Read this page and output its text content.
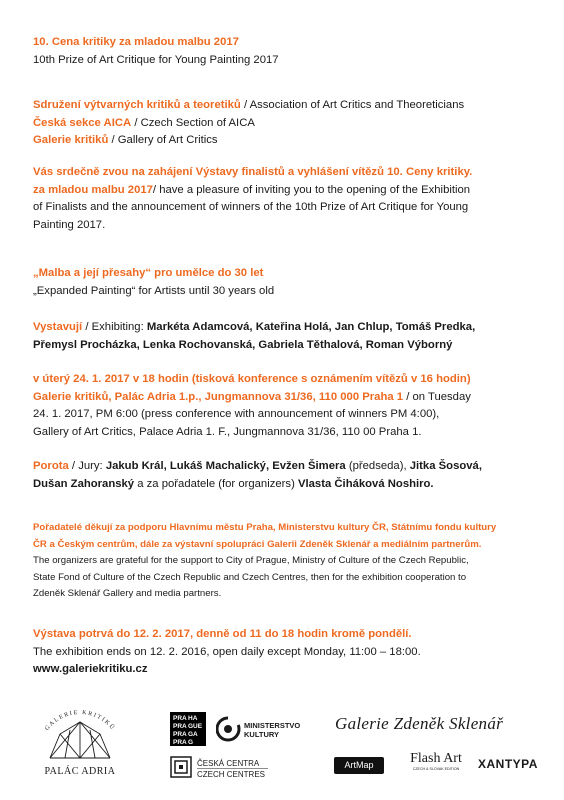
10. Cena kritiky za mladou malbu 2017

10th Prize of Art Critique for Young Painting 2017

Sdružení výtvarných kritiků a teoretiků / Association of Art Critics and Theoreticians

Česká sekce AICA / Czech Section of AICA

Galerie kritiků / Gallery of Art Critics

Vás srdečně zvou na zahájení Výstavy finalistů a vyhlášení vítězů 10. Ceny kritiky.

za mladou malbu 2017/ have a pleasure of inviting you to the opening of the Exhibition

of Finalists and the announcement of winners of the 10th Prize of Art Critique for Young

Painting 2017.

„Malba a její přesahy“ pro umělce do 30 let

„Expanded Painting“ for Artists until 30 years old

Vystavují / Exhibiting: Markéta Adamcová, Kateřina Holá, Jan Chlup, Tomáš Predka,

Přemysl Procházka, Lenka Rochovanská, Gabriela Těthalová, Roman Výborný

v úterý 24. 1. 2017 v 18 hodin (tisková konference s oznámením vítězů v 16 hodin)

Galerie kritiků, Palác Adria 1.p., Jungmannova 31/36, 110 000 Praha 1 / on Tuesday

24. 1. 2017, PM 6:00 (press conference with announcement of winners PM 4:00),

Gallery of Art Critics, Palace Adria 1. F., Jungmannova 31/36, 110 00 Praha 1.

Porota / Jury: Jakub Král, Lukáš Machalický, Evžen Šimera (předseda), Jitka Šosová,

Dušan Zahoranský a za pořadatele (for organizers) Vlasta Čiháková Noshiro.

Pořadatelé děkují za podporu Hlavnímu městu Praha, Ministerstvu kultury ČR, Státnímu fondu kultury

ČR a Českým centrům, dále za výstavní spolupráci Galerii Zdeněk Sklenář a mediálním partnerům.

The organizers are grateful for the support to City of Prague, Ministry of Culture of the Czech Republic,

State Fond of Culture of the Czech Republic and Czech Centres, then for the exhibition cooperation to

Zdeněk Sklenář Gallery and media partners.

Výstava potrvá do 12. 2. 2017, denně od 11 do 18 hodin kromě pondělí.

The exhibition ends on 12. 2. 2016, open daily except Monday, 11:00 – 18:00.

www.galeriekritiku.cz

GALERIE KRITIKŮ
PALÁC ADRIA
PRA HA
PRA GUE
PRA GA
PRA G
MINISTERSTVO
KULTURY
ČESKÁ CENTRA
CZECH CENTRES
Galerie Zdeněk Sklenář
ArtMap	Flash Art
CZECH & SLOVAK EDITION	XANTYPA
